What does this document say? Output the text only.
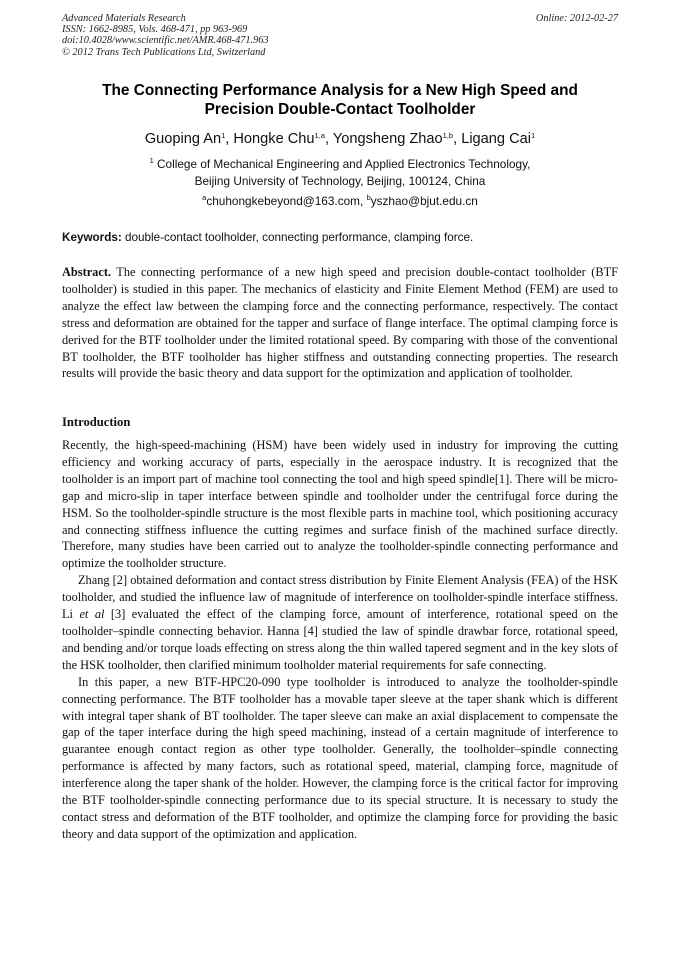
Advanced Materials Research
ISSN: 1662-8985, Vols. 468-471, pp 963-969
doi:10.4028/www.scientific.net/AMR.468-471.963
© 2012 Trans Tech Publications Ltd, Switzerland
Online: 2012-02-27
The Connecting Performance Analysis for a New High Speed and
Precision Double-Contact Toolholder
Guoping An$^1$, Hongke Chu$^{1,a}$, Yongsheng Zhao$^{1,b}$, Ligang Cai$^1$
$^1$ College of Mechanical Engineering and Applied Electronics Technology,
Beijing University of Technology, Beijing, 100124, China
$^a$chuhongkebeyond@163.com, $^b$yszhao@bjut.edu.cn
Keywords: double-contact toolholder, connecting performance, clamping force.
Abstract. The connecting performance of a new high speed and precision double-contact toolholder (BTF toolholder) is studied in this paper. The mechanics of elasticity and Finite Element Method (FEM) are used to analyze the effect law between the clamping force and the connecting performance, respectively. The contact stress and deformation are obtained for the tapper and surface of flange interface. The optimal clamping force is derived for the BTF toolholder under the limited rotational speed. By comparing with those of the conventional BT toolholder, the BTF toolholder has higher stiffness and outstanding connecting properties. The research results will provide the basic theory and data support for the optimization and application of toolholder.
Introduction

Recently, the high-speed-machining (HSM) have been widely used in industry for improving the cutting efficiency and working accuracy of parts, especially in the aerospace industry. It is recognized that the toolholder is an import part of machine tool connecting the tool and high speed spindle[1]. There will be micro-gap and micro-slip in taper interface between spindle and toolholder under the centrifugal force during the HSM. So the toolholder-spindle structure is the most flexible parts in machine tool, which positioning accuracy and connecting stiffness influence the cutting regimes and surface finish of the machined surface directly. Therefore, many studies have been carried out to analyze the toolholder-spindle connecting performance and optimize the toolholder structure.

Zhang [2] obtained deformation and contact stress distribution by Finite Element Analysis (FEA) of the HSK toolholder, and studied the influence law of magnitude of interference on toolholder-spindle interface stiffness. Li et al [3] evaluated the effect of the clamping force, amount of interference, rotational speed on the toolholder–spindle connecting behavior. Hanna [4] studied the law of spindle drawbar force, rotational speed, and bending and/or torque loads effecting on stress along the thin walled tapered segment and in the key slots of the HSK toolholder, then clarified minimum toolholder material requirements for safe connecting.

In this paper, a new BTF-HPC20-090 type toolholder is introduced to analyze the toolholder-spindle connecting performance. The BTF toolholder has a movable taper sleeve at the taper shank which is different with integral taper shank of BT toolholder. The taper sleeve can make an axial displacement to compensate the gap of the taper interface during the high speed machining, instead of a certain magnitude of interference to guarantee enough contact region as other type toolholder. Generally, the toolholder–spindle connecting performance is affected by many factors, such as rotational speed, material, clamping force, magnitude of interference along the taper shank of the holder. However, the clamping force is the critical factor for improving the BTF toolholder-spindle connecting performance due to its special structure. It is necessary to study the contact stress and deformation of the BTF toolholder, and optimize the clamping force for providing the basic theory and data support of the optimization and application.
